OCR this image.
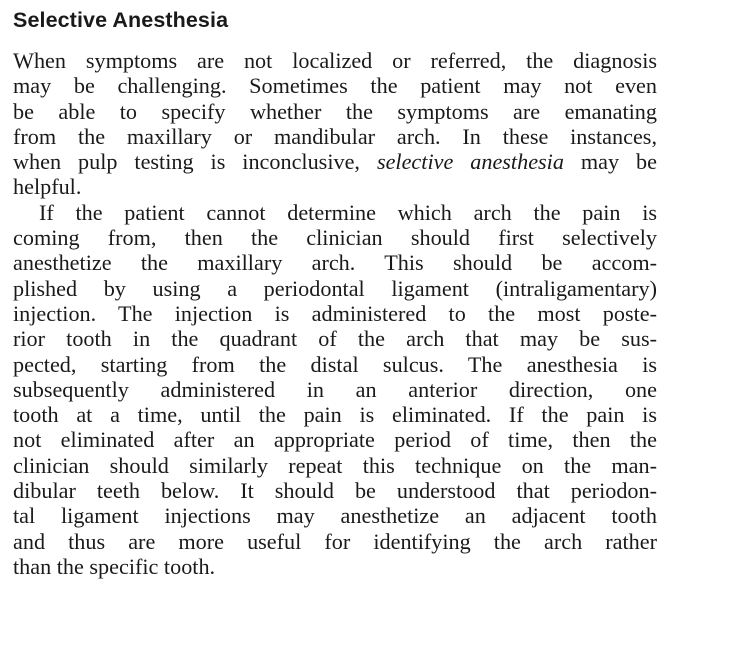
Selective Anesthesia

When symptoms are not localized or referred, the diagnosis
may be challenging. Sometimes the patient may not even
be able to specify whether the symptoms are emanating
from the maxillary or mandibular arch. In these instances,
when pulp testing is inconclusive, selective anesthesia may be
helpful.

If the patient cannot determine which arch the pain is
coming from, then the clinician should first selectively
anesthetize the maxillary arch. This should be accom-
plished by using a periodontal ligament (intraligamentary)
injection. The injection is administered to the most poste-
rior tooth in the quadrant of the arch that may be sus-
pected, starting from the distal sulcus. The anesthesia is
subsequently administered in an anterior direction, one
tooth at a time, until the pain is eliminated. If the pain is
not eliminated after an appropriate period of time, then the
clinician should similarly repeat this technique on the man-
dibular teeth below. It should be understood that periodon-
tal ligament injections may anesthetize an adjacent tooth
and thus are more useful for identifying the arch rather
than the specific tooth.
